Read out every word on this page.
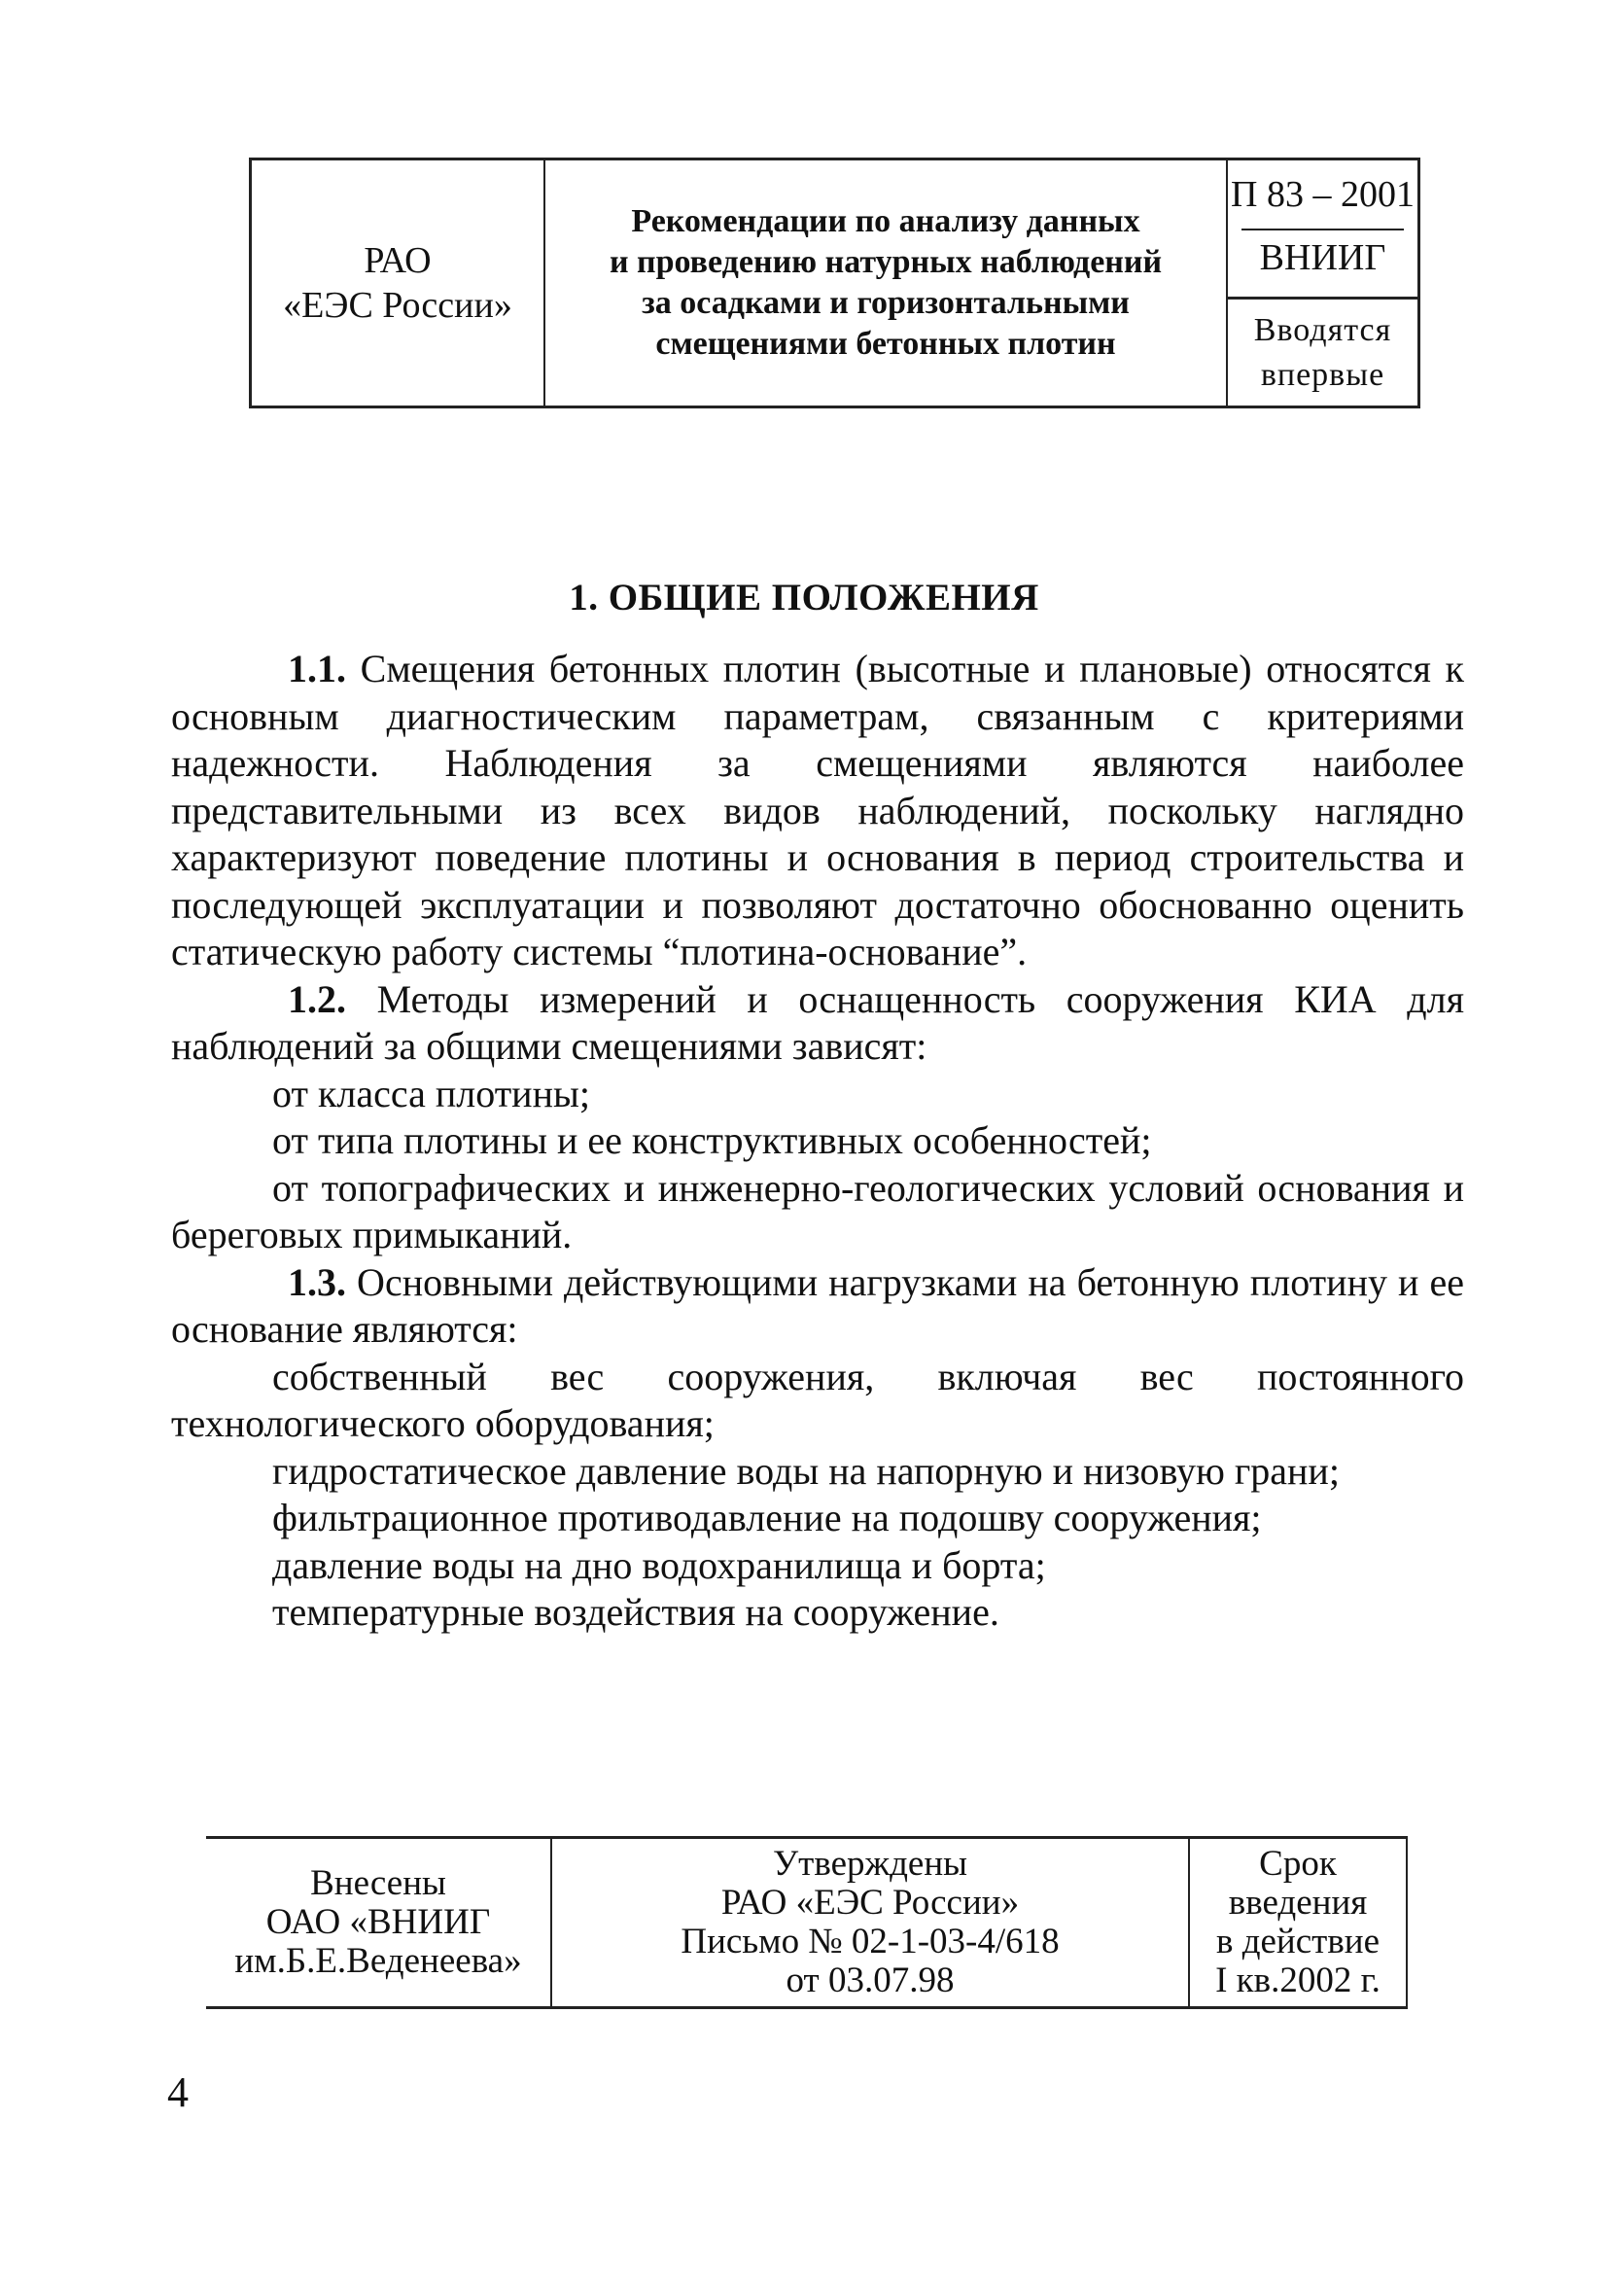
РАО
«ЕЭС России»
Рекомендации по анализу данных
и проведению натурных наблюдений
за осадками и горизонтальными
смещениями бетонных плотин
П 83 – 2001
ВНИИГ
Вводятся
впервые
1. ОБЩИЕ ПОЛОЖЕНИЯ

1.1. Смещения бетонных плотин (высотные и плановые) относятся к основным диагностическим параметрам, связанным с критериями надежности. Наблюдения за смещениями являются наиболее представительными из всех видов наблюдений, поскольку наглядно характеризуют поведение плотины и основания в период строительства и последующей эксплуатации и позволяют достаточно обоснованно оценить статическую работу системы “плотина-основание”.

1.2. Методы измерений и оснащенность сооружения КИА для наблюдений за общими смещениями зависят:

от класса плотины;

от типа плотины и ее конструктивных особенностей;

от топографических и инженерно-геологических условий основания и береговых примыканий.

1.3. Основными действующими нагрузками на бетонную плотину и ее основание являются:

собственный вес сооружения, включая вес постоянного технологического оборудования;

гидростатическое давление воды на напорную и низовую грани;

фильтрационное противодавление на подошву сооружения;

давление воды на дно водохранилища и борта;

температурные воздействия на сооружение.

Внесены
ОАО «ВНИИГ
им.Б.Е.Веденеева»
Утверждены
РАО «ЕЭС России»
Письмо № 02-1-03-4/618
от 03.07.98
Срок
введения
в действие
I кв.2002 г.
4
